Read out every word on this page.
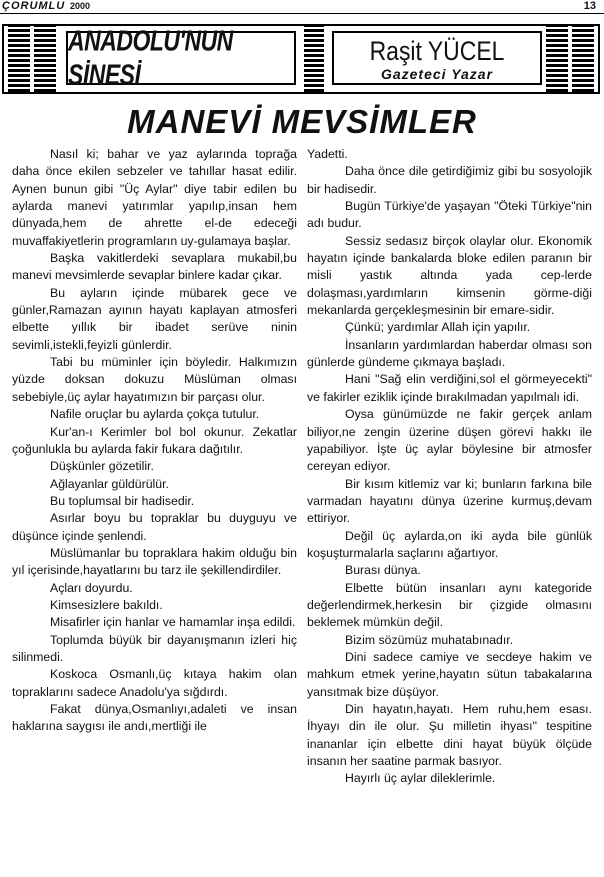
ÇORUMLU 2000	13
ANADOLU'NUN SİNESİ
Raşit YÜCEL
Gazeteci Yazar
MANEVİ MEVSİMLER

Nasıl ki; bahar ve yaz aylarında toprağa daha önce ekilen sebzeler ve tahıllar hasat edilir. Aynen bunun gibi "Üç Aylar" diye tabir edilen bu aylarda manevi yatırımlar yapılıp,insan hem dünyada,hem de ahrette el-de edeceği muvaffakiyetlerin programların uy-gulamaya başlar.

Başka vakitlerdeki sevaplara mukabil,bu manevi mevsimlerde sevaplar binlere kadar çıkar.

Bu ayların içinde mübarek gece ve günler,Ramazan ayının hayatı kaplayan atmosferi elbette yıllık bir ibadet serüve ninin sevimli,istekli,feyizli günlerdir.

Tabi bu müminler için böyledir. Halkımızın yüzde doksan dokuzu Müslüman olması sebebiyle,üç aylar hayatımızın bir parçası olur.

Nafile oruçlar bu aylarda çokça tutulur.

Kur'an-ı Kerimler bol bol okunur. Zekatlar çoğunlukla bu aylarda fakir fukara dağıtılır.

Düşkünler gözetilir.

Ağlayanlar güldürülür.

Bu toplumsal bir hadisedir.

Asırlar boyu bu topraklar bu duyguyu ve düşünce içinde şenlendi.

Müslümanlar bu topraklara hakim olduğu bin yıl içerisinde,hayatlarını bu tarz ile şekillendirdiler.

Açları doyurdu.

Kimsesizlere bakıldı.

Misafirler için hanlar ve hamamlar inşa edildi.

Toplumda büyük bir dayanışmanın izleri hiç silinmedi.

Koskoca Osmanlı,üç kıtaya hakim olan topraklarını sadece Anadolu'ya sığdırdı.

Fakat dünya,Osmanlıyı,adaleti ve insan haklarına saygısı ile andı,mertliği ile

Yadetti.

Daha önce dile getirdiğimiz gibi bu sosyolojik bir hadisedir.

Bugün Türkiye'de yaşayan "Öteki Türkiye"nin adı budur.

Sessiz sedasız birçok olaylar olur. Ekonomik hayatın içinde bankalarda bloke edilen paranın bir misli yastık altında yada cep-lerde dolaşması,yardımların kimsenin görme-diği mekanlarda gerçekleşmesinin bir emare-sidir.

Çünkü; yardımlar Allah için yapılır.

İnsanların yardımlardan haberdar olması son günlerde gündeme çıkmaya başladı.

Hani "Sağ elin verdiğini,sol el görmeyecekti" ve fakirler eziklik içinde bırakılmadan yapılmalı idi.

Oysa günümüzde ne fakir gerçek anlam biliyor,ne zengin üzerine düşen görevi hakkı ile yapabiliyor. İşte üç aylar böylesine bir atmosfer cereyan ediyor.

Bir kısım kitlemiz var ki; bunların farkına bile varmadan hayatını dünya üzerine kurmuş,devam ettiriyor.

Değil üç aylarda,on iki ayda bile günlük koşuşturmalarla saçlarını ağartıyor.

Burası dünya.

Elbette bütün insanları aynı kategoride değerlendirmek,herkesin bir çizgide olmasını beklemek mümkün değil.

Bizim sözümüz muhatabınadır.

Dini sadece camiye ve secdeye hakim ve mahkum etmek yerine,hayatın sütun tabakalarına yansıtmak bize düşüyor.

Din hayatın,hayatı. Hem ruhu,hem esası. İhyayı din ile olur. Şu milletin ihyası" tespitine inananlar için elbette dini hayat büyük ölçüde insanın her saatine parmak basıyor.

Hayırlı üç aylar dileklerimle.
